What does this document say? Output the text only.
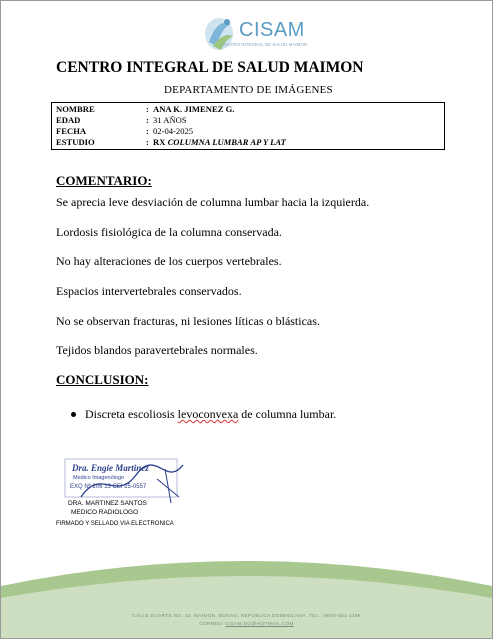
CISAM
CENTRO INTEGRAL DE SALUD MAIMON
CENTRO INTEGRAL DE SALUD MAIMON
DEPARTAMENTO DE IMÁGENES
NOMBRE	: ANA K. JIMENEZ G.
EDAD	: 31 AÑOS
FECHA	: 02-04-2025
ESTUDIO	: RX COLUMNA LUMBAR AP Y LAT
COMENTARIO:
Se aprecia leve desviación de columna lumbar hacia la izquierda.
Lordosis fisiológica de la columna conservada.
No hay alteraciones de los cuerpos vertebrales.
Espacios intervertebrales conservados.
No se observan fracturas, ni lesiones líticas o blásticas.
Tejidos blandos paravertebrales normales.
CONCLUSION:
Discreta escoliosis levoconvexa de columna lumbar.
Dra. Engie Martinez
Medico Imagenólogo
EXQ Nº 206 13 CEI 25-0557
DRA. MARTINEZ SANTOS
MEDICO RADIOLOGO
FIRMADO Y SELLADO VIA ELECTRONICA
CALLE DUARTE NO. 13, MAIMÓN, BONAO, REPUBLICA DOMINICANA, TEL.: (809)-551-2196
CORREO: CISAM.DO@HOTMAIL.COM
